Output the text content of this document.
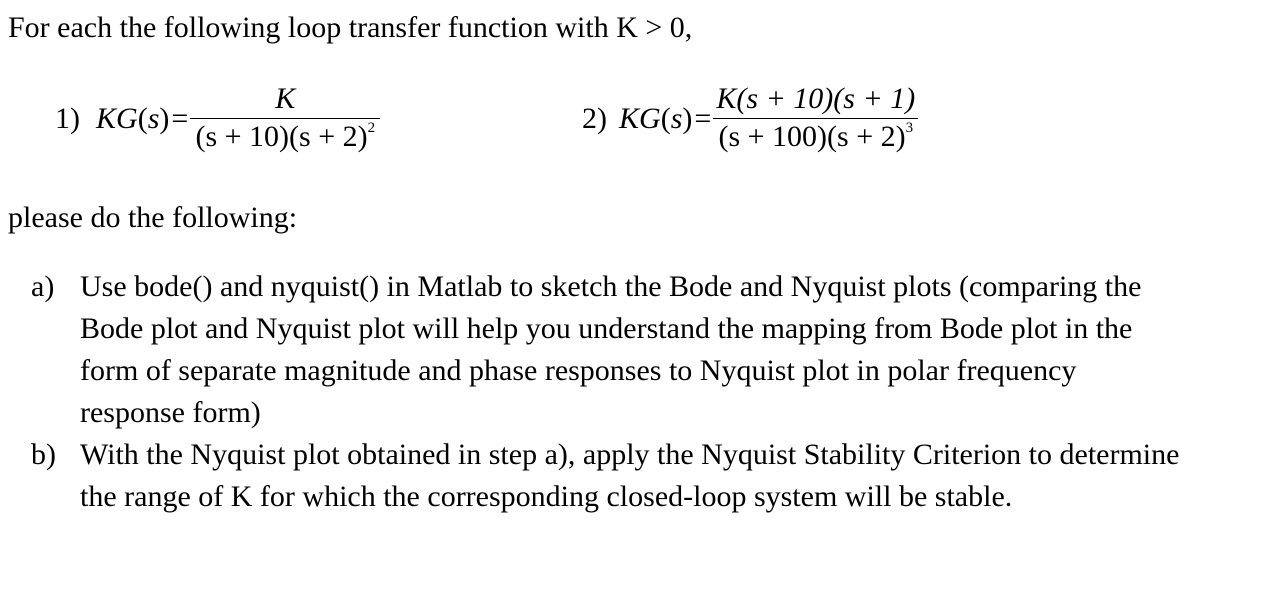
For each the following loop transfer function with K > 0,
1) $KG(s) = \frac{K}{(s + 10)(s + 2)^2}$	2) $KG(s) = \frac{K(s + 10)(s + 1)}{(s + 100)(s + 2)^3}$
please do the following:
a) Use bode() and nyquist() in Matlab to sketch the Bode and Nyquist plots (comparing the
Bode plot and Nyquist plot will help you understand the mapping from Bode plot in the
form of separate magnitude and phase responses to Nyquist plot in polar frequency
response form)
b) With the Nyquist plot obtained in step a), apply the Nyquist Stability Criterion to determine
the range of K for which the corresponding closed-loop system will be stable.
